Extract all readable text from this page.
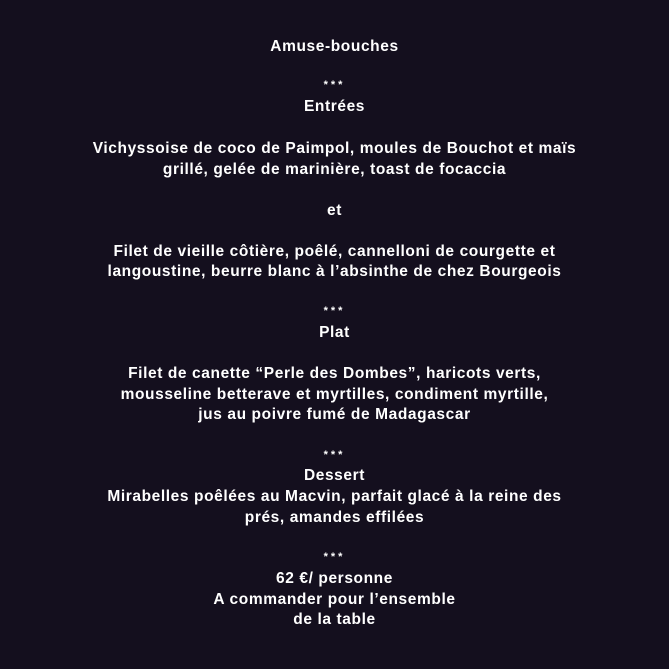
Amuse-bouches
***
Entrées
Vichyssoise de coco de Paimpol, moules de Bouchot et maïs
grillé, gelée de marinière, toast de focaccia
et
Filet de vieille côtière, poêlé, cannelloni de courgette et
langoustine, beurre blanc à l’absinthe de chez Bourgeois
***
Plat
Filet de canette “Perle des Dombes”, haricots verts,
mousseline betterave et myrtilles, condiment myrtille,
jus au poivre fumé de Madagascar
***
Dessert
Mirabelles poêlées au Macvin, parfait glacé à la reine des
prés, amandes effilées
***
62 €/ personne
A commander pour l’ensemble
de la table
